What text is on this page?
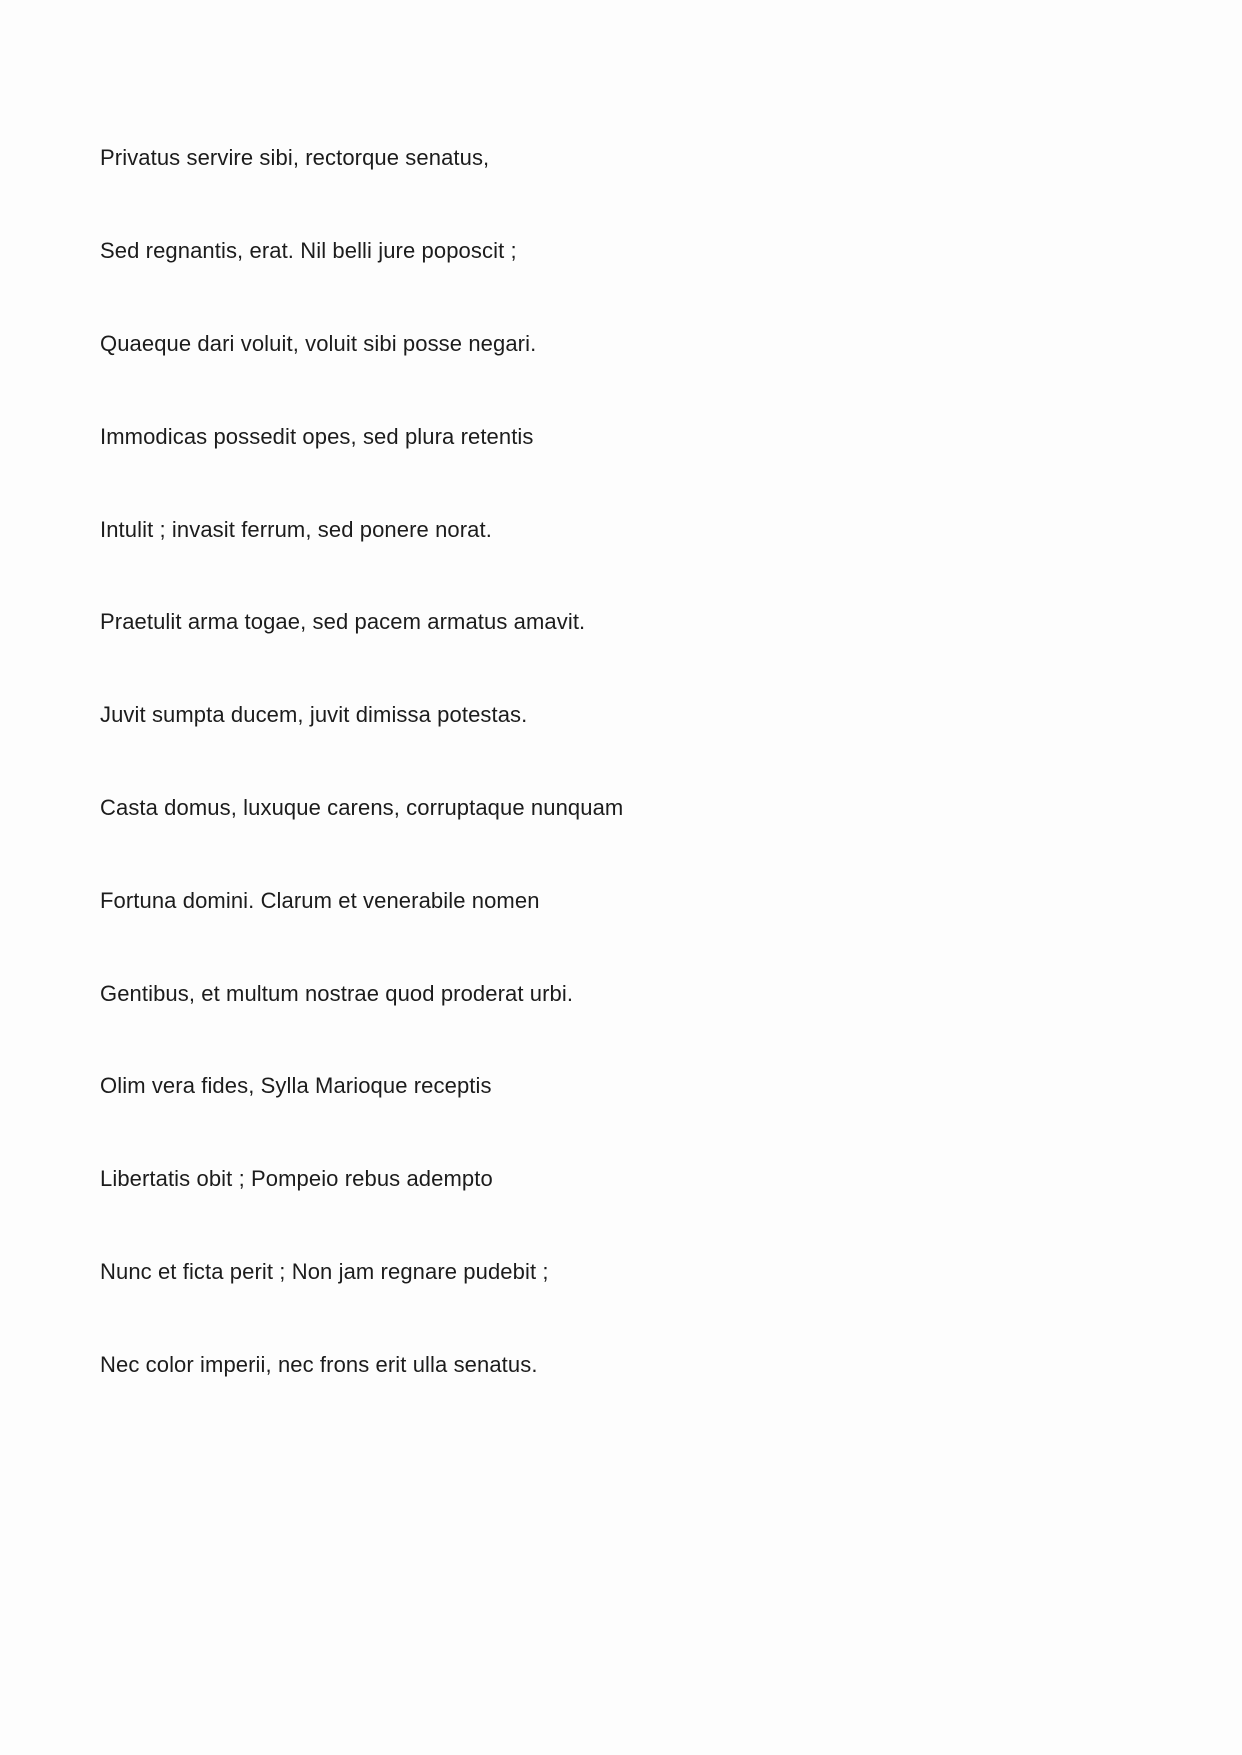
Privatus servire sibi, rectorque senatus,
Sed regnantis, erat. Nil belli jure poposcit ;
Quaeque dari voluit, voluit sibi posse negari.
Immodicas possedit opes, sed plura retentis
Intulit ; invasit ferrum, sed ponere norat.
Praetulit arma togae, sed pacem armatus amavit.
Juvit sumpta ducem, juvit dimissa potestas.
Casta domus, luxuque carens, corruptaque nunquam
Fortuna domini. Clarum et venerabile nomen
Gentibus, et multum nostrae quod proderat urbi.
Olim vera fides, Sylla Marioque receptis
Libertatis obit ; Pompeio rebus adempto
Nunc et ficta perit ; Non jam regnare pudebit ;
Nec color imperii, nec frons erit ulla senatus.
